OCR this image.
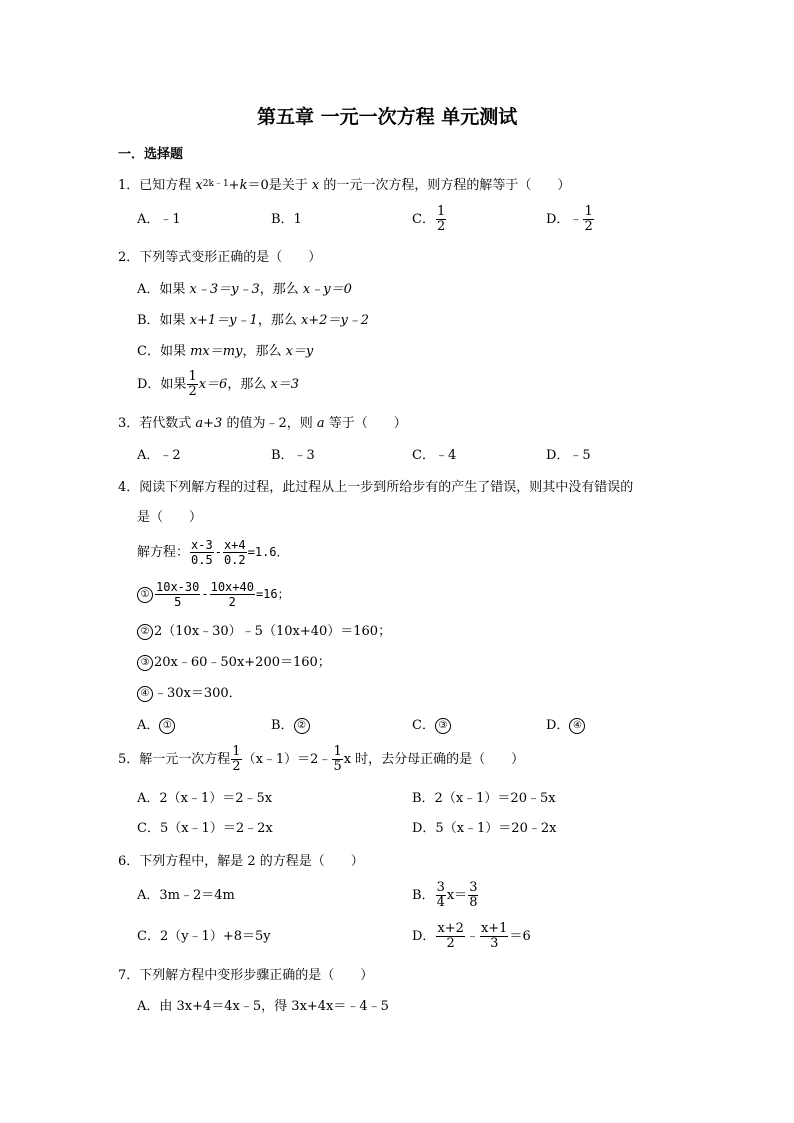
第五章 一元一次方程 单元测试
一．选择题
1．已知方程 $x^{2k﹣1}+k=0$是关于 x 的一元一次方程，则方程的解等于（　　）
A．﹣1	B．1	C． $\frac{1}{2}$	D．﹣ $\frac{1}{2}$
2．下列等式变形正确的是（　　）
A．如果 x﹣3＝y﹣3，那么 x﹣y＝0
B．如果 x+1＝y﹣1，那么 x+2＝y﹣2
C．如果 mx＝my，那么 x＝y
D．如果 $\frac{1}{2} x=6$，那么 x＝3
3．若代数式 a+3 的值为﹣2，则 a 等于（　　）
A．﹣2	B．﹣3	C．﹣4	D．﹣5
4．阅读下列解方程的过程，此过程从上一步到所给步有的产生了错误，则其中没有错误的
是（　　）
解方程： $\frac{x-3}{0.5} - \frac{x+4}{0.2} =1.6$．
① $\frac{10x-30}{5} - \frac{10x+40}{2} =16$；
② 2（10x﹣30）﹣5（10x+40）＝160；
③ 20x﹣60﹣50x+200＝160；
④ ﹣30x＝300．
A． ①	B． ②	C． ③	D． ④
5．解一元一次方程 $\frac{1}{2}$ （x﹣1）＝2﹣ $\frac{1}{5}$ x 时，去分母正确的是（　　）
A．2（x﹣1）＝2﹣5x	B．2（x﹣1）＝20﹣5x
C．5（x﹣1）＝2﹣2x	D．5（x﹣1）＝20﹣2x
6．下列方程中，解是 2 的方程是（　　）
A．3m﹣2＝4m	B． $\frac{3}{4} x= \frac{3}{8}$
C．2（y﹣1）+8＝5y	D． $\frac{x+2}{2}$ ﹣ $\frac{x+1}{3} =6$
7．下列解方程中变形步骤正确的是（　　）
A．由 3x+4＝4x﹣5，得 3x+4x＝﹣4﹣5
